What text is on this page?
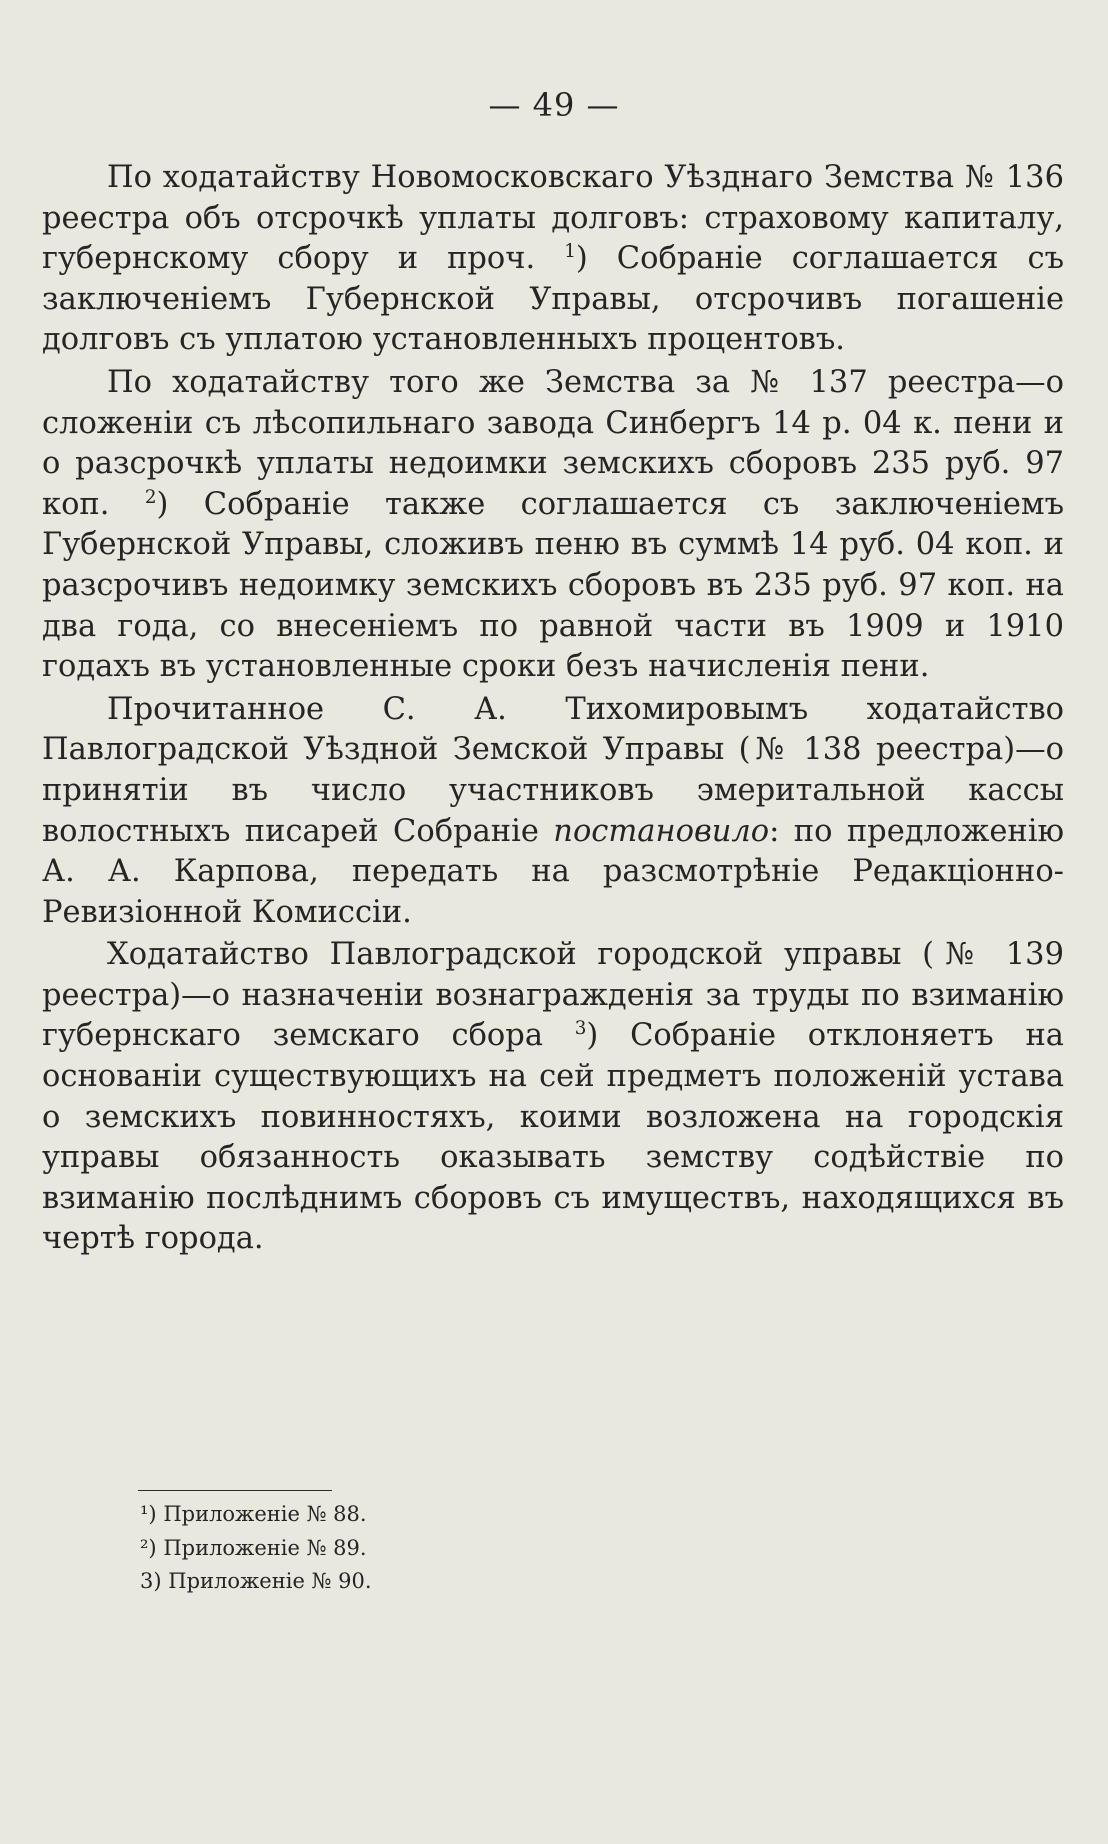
— 49 —

По ходатайству Новомосковскаго Уѣзднаго Земства № 136 реестра объ отсрочкѣ уплаты долговъ: страховому капиталу, губернскому сбору и проч. $^1$) Собраніе соглашается съ заключеніемъ Губернской Управы, отсрочивъ погашеніе долговъ съ уплатою установленныхъ процентовъ.

По ходатайству того же Земства за № 137 реестра—о сложеніи съ лѣсопильнаго завода Синбергъ 14 р. 04 к. пени и о разсрочкѣ уплаты недоимки земскихъ сборовъ 235 руб. 97 коп. $^2$) Собраніе также соглашается съ заключеніемъ Губернской Управы, сложивъ пеню въ суммѣ 14 руб. 04 коп. и разсрочивъ недоимку земскихъ сборовъ въ 235 руб. 97 коп. на два года, со внесеніемъ по равной части въ 1909 и 1910 годахъ въ установленные сроки безъ начисленія пени.

Прочитанное С. А. Тихомировымъ ходатайство Павлоградской Уѣздной Земской Управы (№ 138 реестра)—о принятіи въ число участниковъ эмеритальной кассы волостныхъ писарей Собраніе постановило: по предложенію А. А. Карпова, передать на разсмотрѣніе Редакціонно-Ревизіонной Комиссіи.

Ходатайство Павлоградской городской управы (№ 139 реестра)—о назначеніи вознагражденія за труды по взиманію губернскаго земскаго сбора $^3$) Собраніе отклоняетъ на основаніи существующихъ на сей предметъ положеній устава о земскихъ повинностяхъ, коими возложена на городскія управы обязанность оказывать земству содѣйствіе по взиманію послѣднимъ сборовъ съ имуществъ, находящихся въ чертѣ города.

¹) Приложеніе № 88.

²) Приложеніе № 89.

3) Приложеніе № 90.
